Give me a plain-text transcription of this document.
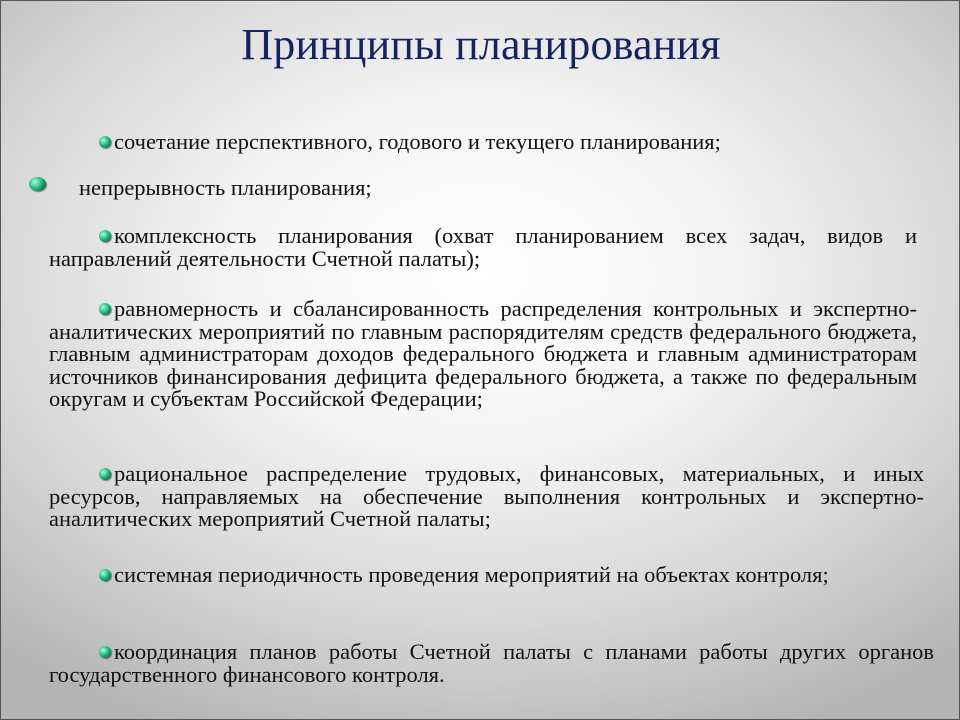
Принципы планирования
сочетание перспективного, годового и текущего планирования;
непрерывность планирования;
комплексность планирования (охват планированием всех задач, видов и направлений деятельности Счетной палаты);
равномерность и сбалансированность распределения контрольных и экспертно-аналитических мероприятий по главным распорядителям средств федерального бюджета, главным администраторам доходов федерального бюджета и главным администраторам источников финансирования дефицита федерального бюджета, а также по федеральным округам и субъектам Российской Федерации;
рациональное распределение трудовых, финансовых, материальных, и иных ресурсов, направляемых на обеспечение выполнения контрольных и экспертно-аналитических мероприятий Счетной палаты;
системная периодичность проведения мероприятий на объектах контроля;
координация планов работы Счетной палаты с планами работы других органов государственного финансового контроля.
